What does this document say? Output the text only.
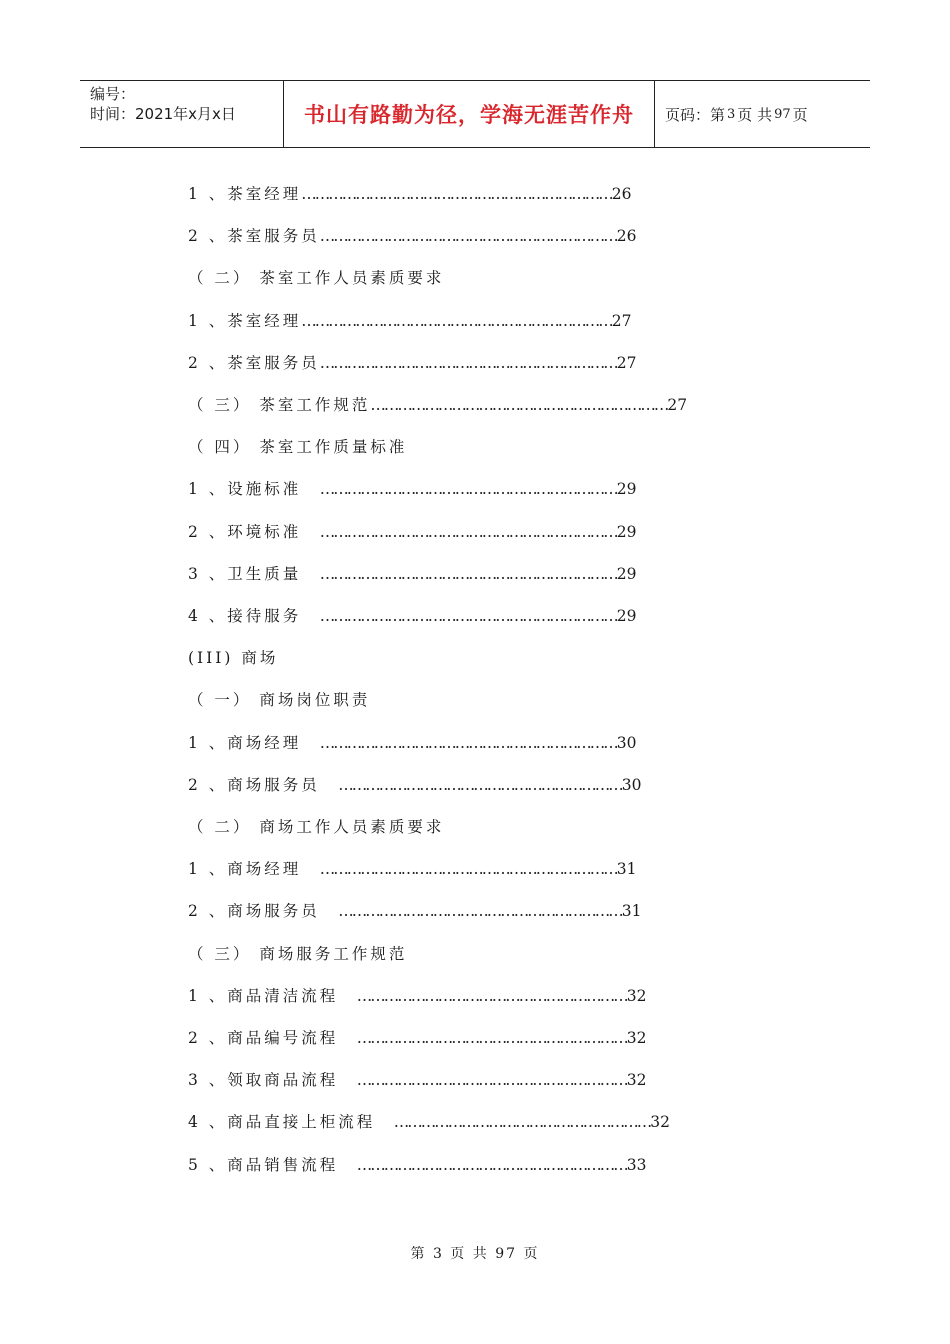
编号：
时间：2021年x月x日	书山有路勤为径，学海无涯苦作舟	页码：第 3 页 共 97 页
1 、茶室经理……………………………………………………………26
2 、茶室服务员…………………………………………………………26
（ 二） 茶室工作人员素质要求
1 、茶室经理……………………………………………………………27
2 、茶室服务员…………………………………………………………27
（ 三） 茶室工作规范…………………………………………………………27
（ 四） 茶室工作质量标准
1 、设施标准　…………………………………………………………29
2 、环境标准　…………………………………………………………29
3 、卫生质量　…………………………………………………………29
4 、接待服务　…………………………………………………………29
(III) 商场
（ 一） 商场岗位职责
1 、商场经理　…………………………………………………………30
2 、商场服务员　………………………………………………………30
（ 二） 商场工作人员素质要求
1 、商场经理　…………………………………………………………31
2 、商场服务员　………………………………………………………31
（ 三） 商场服务工作规范
1 、商品清洁流程　……………………………………………………32
2 、商品编号流程　……………………………………………………32
3 、领取商品流程　……………………………………………………32
4 、商品直接上柜流程　…………………………………………………32
5 、商品销售流程　……………………………………………………33
第 3 页 共 97 页
